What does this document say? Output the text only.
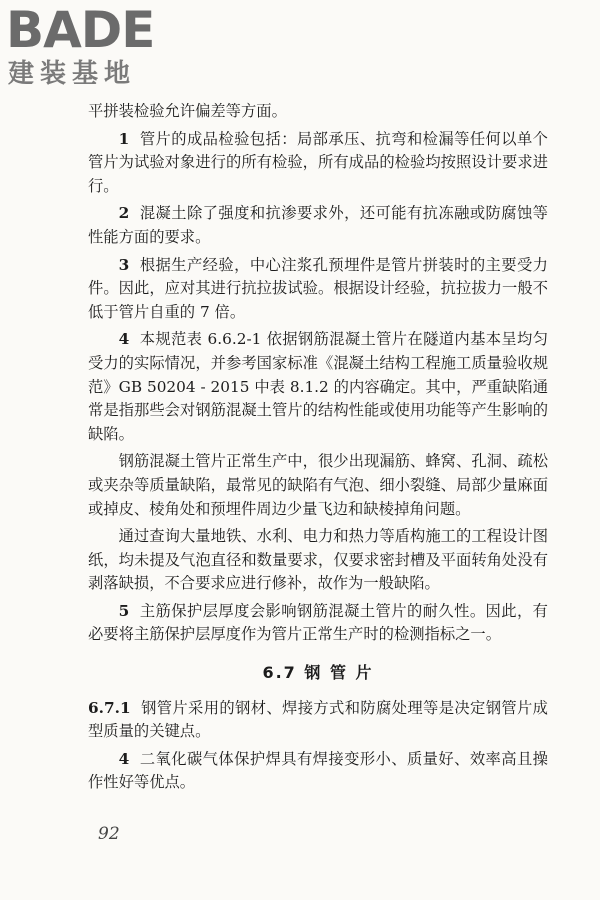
BADE
建装基地

平拼装检验允许偏差等方面。

1 管片的成品检验包括：局部承压、抗弯和检漏等任何以单个管片为试验对象进行的所有检验，所有成品的检验均按照设计要求进行。

2 混凝土除了强度和抗渗要求外，还可能有抗冻融或防腐蚀等性能方面的要求。

3 根据生产经验，中心注浆孔预埋件是管片拼装时的主要受力件。因此，应对其进行抗拉拔试验。根据设计经验，抗拉拔力一般不低于管片自重的 7 倍。

4 本规范表 6.6.2-1 依据钢筋混凝土管片在隧道内基本呈均匀受力的实际情况，并参考国家标准《混凝土结构工程施工质量验收规范》GB 50204 - 2015 中表 8.1.2 的内容确定。其中，严重缺陷通常是指那些会对钢筋混凝土管片的结构性能或使用功能等产生影响的缺陷。

钢筋混凝土管片正常生产中，很少出现漏筋、蜂窝、孔洞、疏松或夹杂等质量缺陷，最常见的缺陷有气泡、细小裂缝、局部少量麻面或掉皮、棱角处和预埋件周边少量飞边和缺棱掉角问题。

通过查询大量地铁、水利、电力和热力等盾构施工的工程设计图纸，均未提及气泡直径和数量要求，仅要求密封槽及平面转角处没有剥落缺损，不合要求应进行修补，故作为一般缺陷。

5 主筋保护层厚度会影响钢筋混凝土管片的耐久性。因此，有必要将主筋保护层厚度作为管片正常生产时的检测指标之一。

6.7 钢 管 片

6.7.1 钢管片采用的钢材、焊接方式和防腐处理等是决定钢管片成型质量的关键点。

4 二氧化碳气体保护焊具有焊接变形小、质量好、效率高且操作性好等优点。

92
